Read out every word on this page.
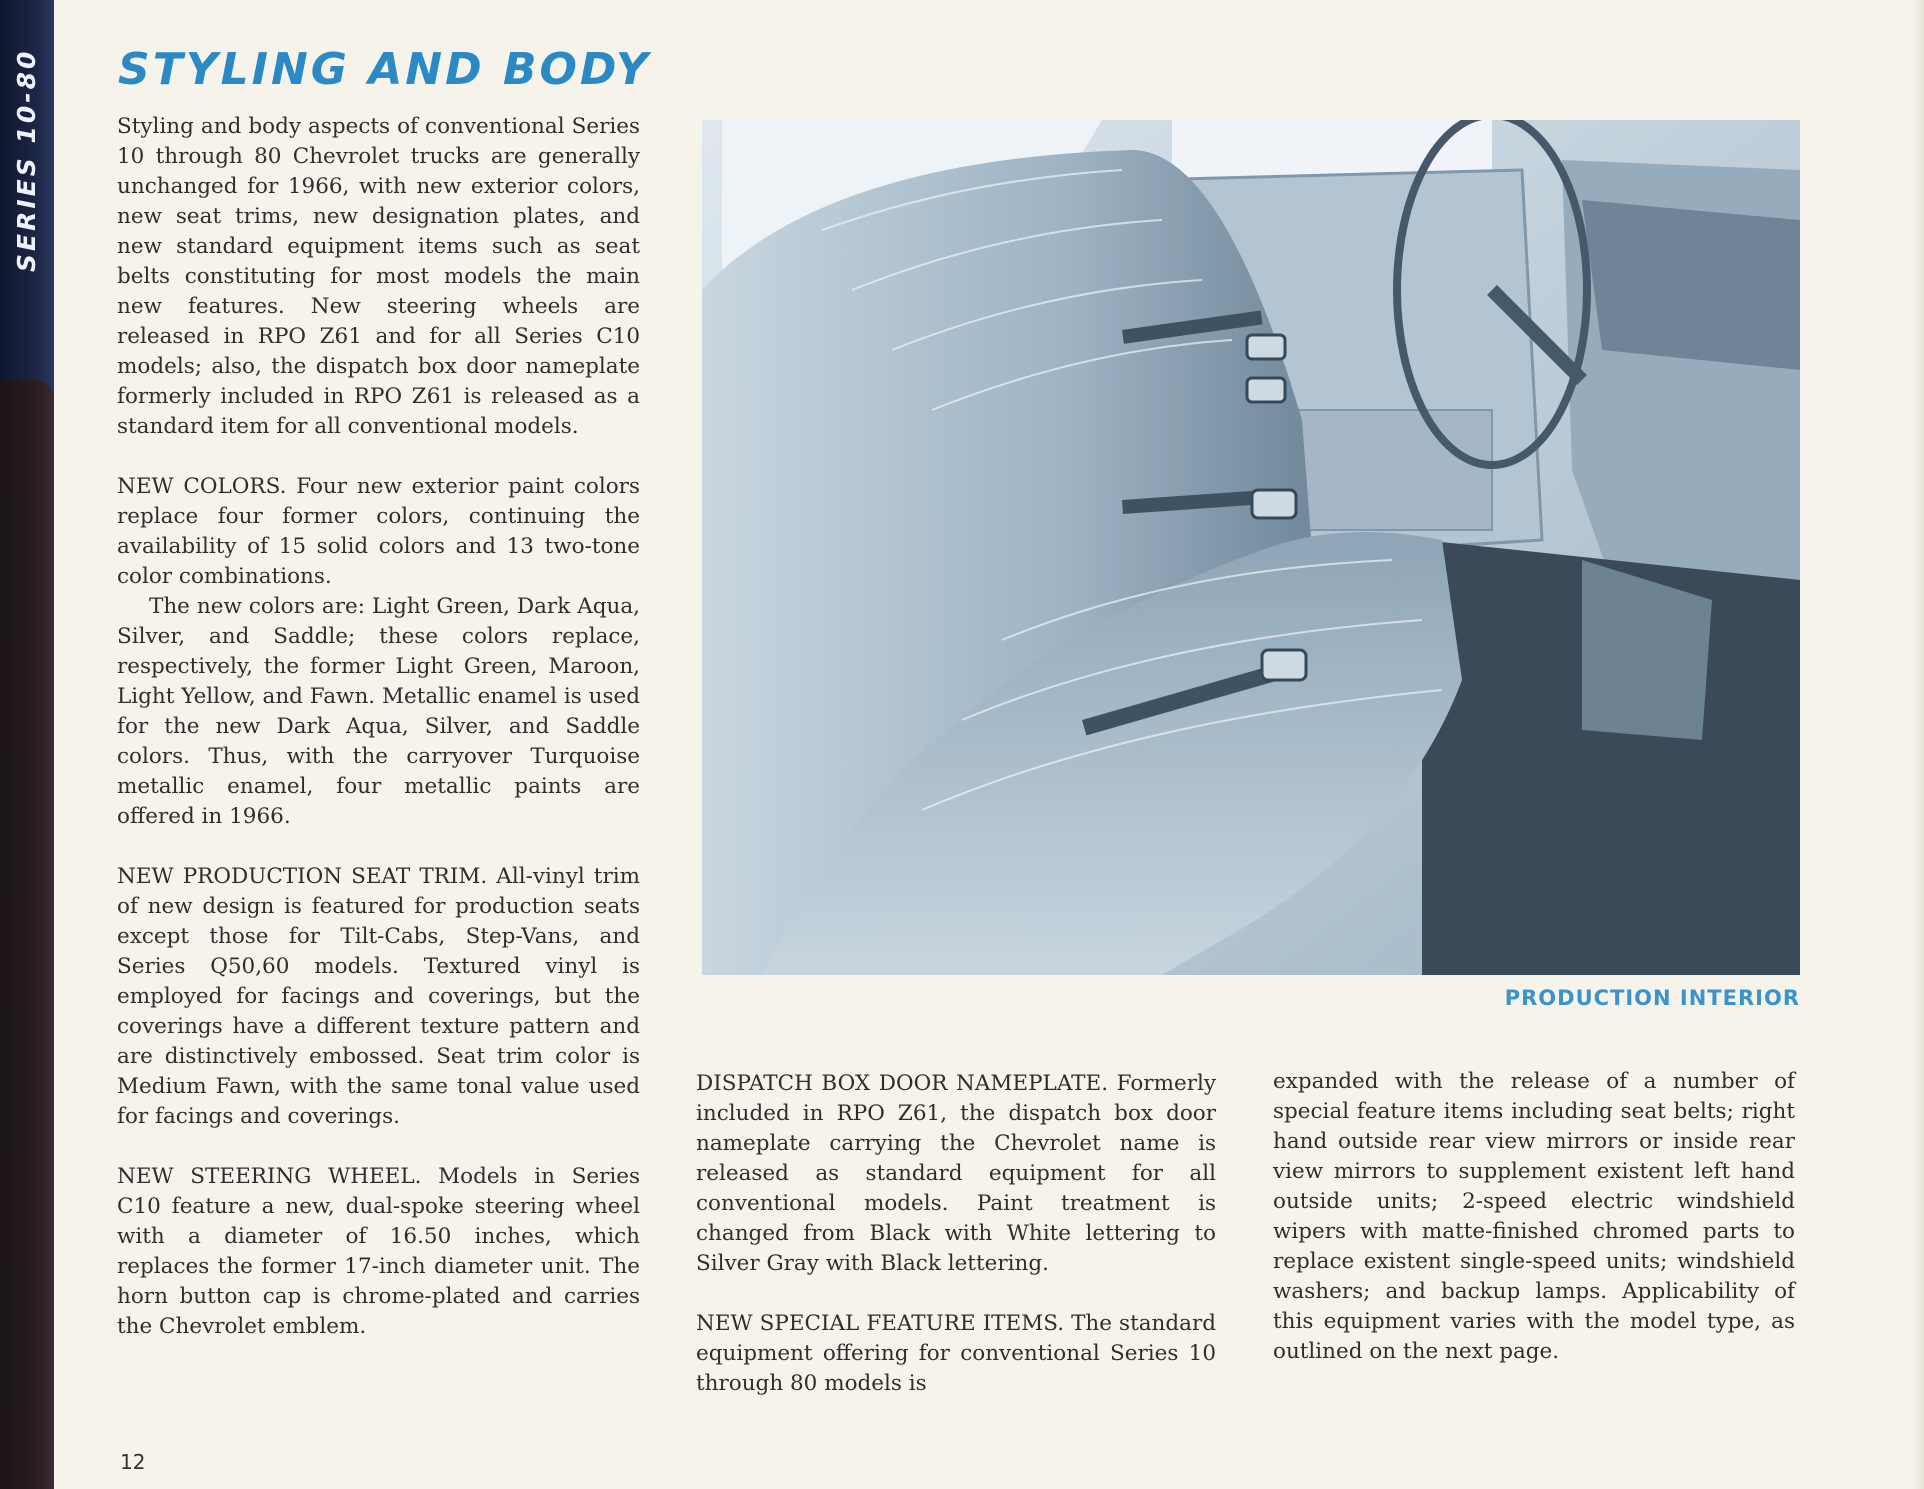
SERIES 10-80 STYLING AND BODY

Styling and body aspects of conventional Series 10 through 80 Chevrolet trucks are generally unchanged for 1966, with new exterior colors, new seat trims, new designation plates, and new standard equipment items such as seat belts constituting for most models the main new features. New steering wheels are released in RPO Z61 and for all Series C10 models; also, the dispatch box door nameplate formerly included in RPO Z61 is released as a standard item for all conventional models.

NEW COLORS. Four new exterior paint colors replace four former colors, continuing the availability of 15 solid colors and 13 two-tone color combinations.

The new colors are: Light Green, Dark Aqua, Silver, and Saddle; these colors replace, respectively, the former Light Green, Maroon, Light Yellow, and Fawn. Metallic enamel is used for the new Dark Aqua, Silver, and Saddle colors. Thus, with the carryover Turquoise metallic enamel, four metallic paints are offered in 1966.

NEW PRODUCTION SEAT TRIM. All-vinyl trim of new design is featured for production seats except those for Tilt-Cabs, Step-Vans, and Series Q50,60 models. Textured vinyl is employed for facings and coverings, but the coverings have a different texture pattern and are distinctively embossed. Seat trim color is Medium Fawn, with the same tonal value used for facings and coverings.

NEW STEERING WHEEL. Models in Series C10 feature a new, dual-spoke steering wheel with a diameter of 16.50 inches, which replaces the former 17-inch diameter unit. The horn button cap is chrome-plated and carries the Chevrolet emblem.

PRODUCTION INTERIOR

DISPATCH BOX DOOR NAMEPLATE. Formerly included in RPO Z61, the dispatch box door nameplate carrying the Chevrolet name is released as standard equipment for all conventional models. Paint treatment is changed from Black with White lettering to Silver Gray with Black lettering.

NEW SPECIAL FEATURE ITEMS. The standard equipment offering for conventional Series 10 through 80 models is

expanded with the release of a number of special feature items including seat belts; right hand outside rear view mirrors or inside rear view mirrors to supplement existent left hand outside units; 2-speed electric windshield wipers with matte-finished chromed parts to replace existent single-speed units; windshield washers; and backup lamps. Applicability of this equipment varies with the model type, as outlined on the next page.

12
